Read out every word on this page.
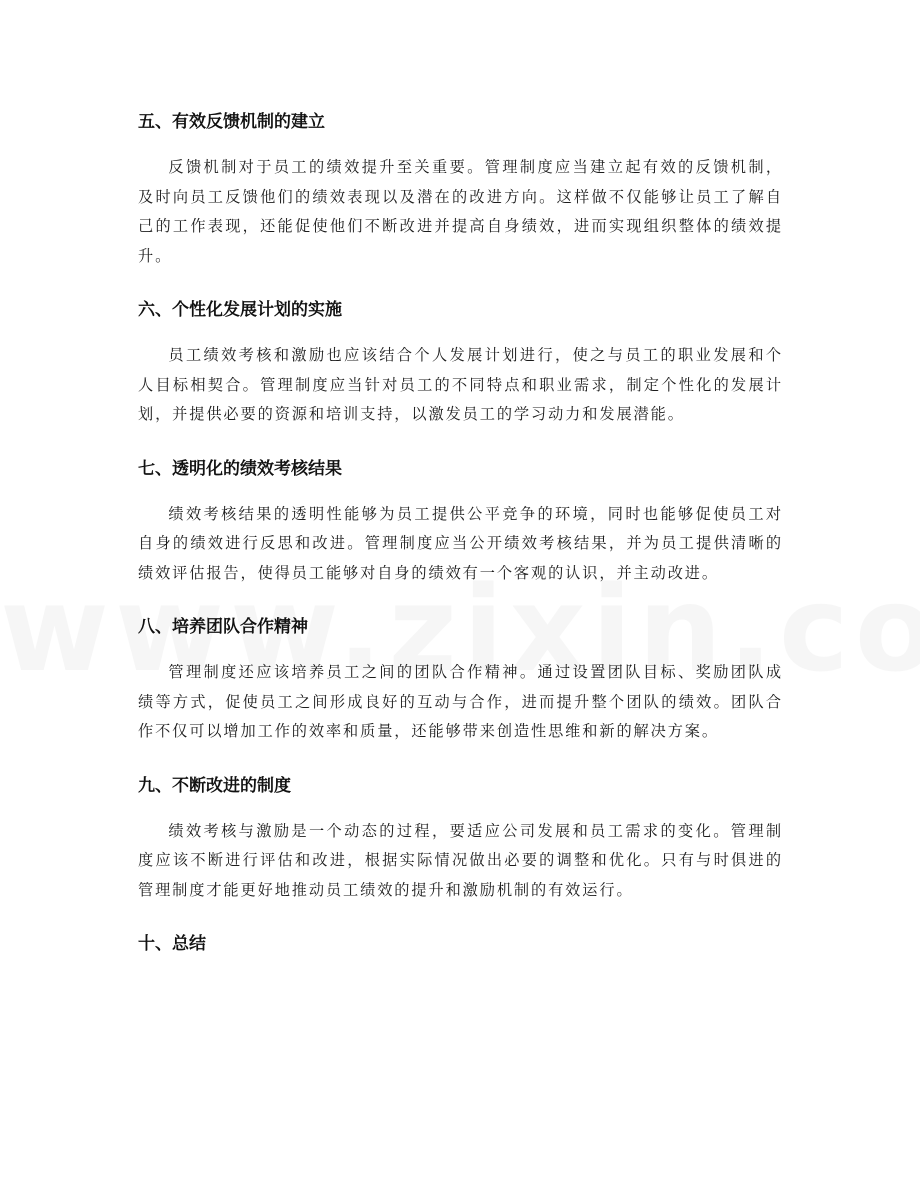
五、有效反馈机制的建立

反馈机制对于员工的绩效提升至关重要。管理制度应当建立起有效的反馈机制，及时向员工反馈他们的绩效表现以及潜在的改进方向。这样做不仅能够让员工了解自己的工作表现，还能促使他们不断改进并提高自身绩效，进而实现组织整体的绩效提升。

六、个性化发展计划的实施

员工绩效考核和激励也应该结合个人发展计划进行，使之与员工的职业发展和个人目标相契合。管理制度应当针对员工的不同特点和职业需求，制定个性化的发展计划，并提供必要的资源和培训支持，以激发员工的学习动力和发展潜能。

七、透明化的绩效考核结果

绩效考核结果的透明性能够为员工提供公平竞争的环境，同时也能够促使员工对自身的绩效进行反思和改进。管理制度应当公开绩效考核结果，并为员工提供清晰的绩效评估报告，使得员工能够对自身的绩效有一个客观的认识，并主动改进。

八、培养团队合作精神

管理制度还应该培养员工之间的团队合作精神。通过设置团队目标、奖励团队成绩等方式，促使员工之间形成良好的互动与合作，进而提升整个团队的绩效。团队合作不仅可以增加工作的效率和质量，还能够带来创造性思维和新的解决方案。

九、不断改进的制度

绩效考核与激励是一个动态的过程，要适应公司发展和员工需求的变化。管理制度应该不断进行评估和改进，根据实际情况做出必要的调整和优化。只有与时俱进的管理制度才能更好地推动员工绩效的提升和激励机制的有效运行。

十、总结
